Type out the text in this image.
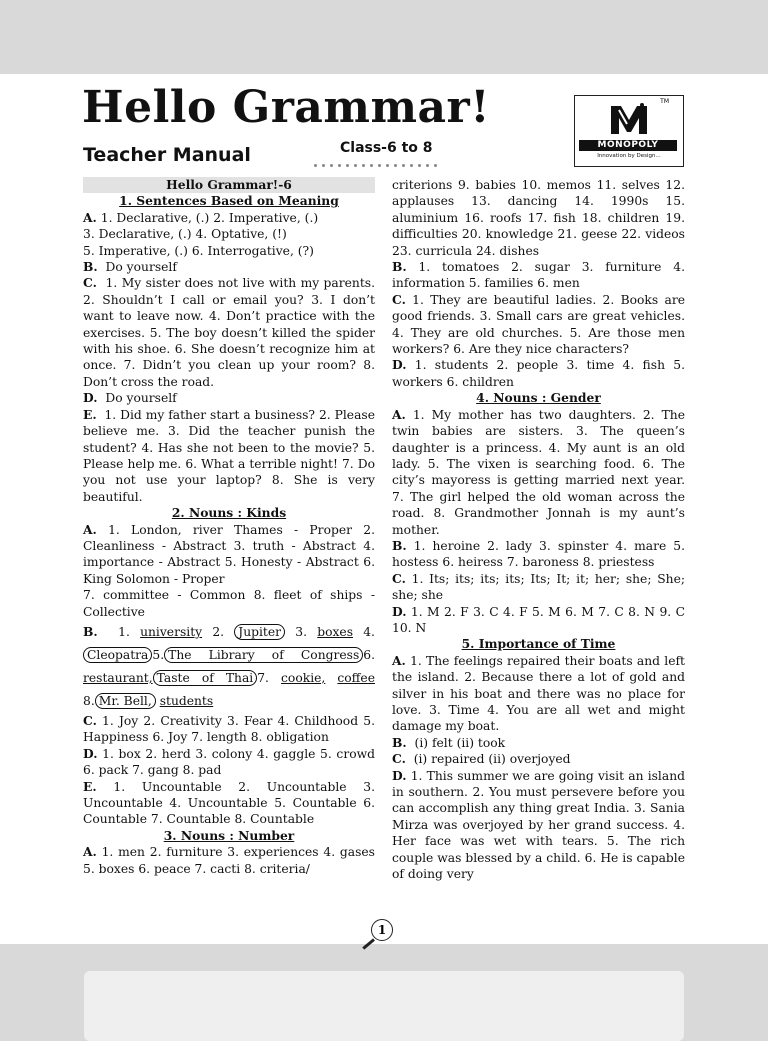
Hello Grammar!
Teacher Manual	Class-6 to 8
TM
MONOPOLY
Innovation by Design...

Hello Grammar!-6

1. Sentences Based on Meaning

A. 1. Declarative, (.) 2. Imperative, (.)

3. Declarative, (.) 4. Optative, (!)

5. Imperative, (.) 6. Interrogative, (?)

B. Do yourself

C. 1. My sister does not live with my parents. 2. Shouldn’t I call or email you? 3. I don’t want to leave now. 4. Don’t practice with the exercises. 5. The boy doesn’t killed the spider with his shoe. 6. She doesn’t recognize him at once. 7. Didn’t you clean up your room? 8. Don’t cross the road.

D. Do yourself

E. 1. Did my father start a business? 2. Please believe me. 3. Did the teacher punish the student? 4. Has she not been to the movie? 5. Please help me. 6. What a terrible night! 7. Do you not use your laptop? 8. She is very beautiful.

2. Nouns : Kinds

A. 1. London, river Thames - Proper 2. Cleanliness - Abstract 3. truth - Abstract 4. importance - Abstract 5. Honesty - Abstract 6. King Solomon - Proper

7. committee - Common 8. fleet of ships - Collective

B. 1. university 2. Jupiter 3. boxes 4. Cleopatra 5. The Library of Congress 6. restaurant, Taste of Thai 7. cookie, coffee 8. Mr. Bell, students

C. 1. Joy 2. Creativity 3. Fear 4. Childhood 5. Happiness 6. Joy 7. length 8. obligation

D. 1. box 2. herd 3. colony 4. gaggle 5. crowd 6. pack 7. gang 8. pad

E. 1. Uncountable 2. Uncountable 3. Uncountable 4. Uncountable 5. Countable 6. Countable 7. Countable 8. Countable

3. Nouns : Number

A. 1. men 2. furniture 3. experiences 4. gases 5. boxes 6. peace 7. cacti 8. criteria/

criterions 9. babies 10. memos 11. selves 12. applauses 13. dancing 14. 1990s 15. aluminium 16. roofs 17. fish 18. children 19. difficulties 20. knowledge 21. geese 22. videos 23. curricula 24. dishes

B. 1. tomatoes 2. sugar 3. furniture 4. information 5. families 6. men

C. 1. They are beautiful ladies. 2. Books are good friends. 3. Small cars are great vehicles. 4. They are old churches. 5. Are those men workers? 6. Are they nice characters?

D. 1. students 2. people 3. time 4. fish 5. workers 6. children

4. Nouns : Gender

A. 1. My mother has two daughters. 2. The twin babies are sisters. 3. The queen’s daughter is a princess. 4. My aunt is an old lady. 5. The vixen is searching food. 6. The city’s mayoress is getting married next year. 7. The girl helped the old woman across the road. 8. Grandmother Jonnah is my aunt’s mother.

B. 1. heroine 2. lady 3. spinster 4. mare 5. hostess 6. heiress 7. baroness 8. priestess

C. 1. Its; its; its; its; Its; It; it; her; she; She; she; she

D. 1. M 2. F 3. C 4. F 5. M 6. M 7. C 8. N 9. C 10. N

5. Importance of Time

A. 1. The feelings repaired their boats and left the island. 2. Because there a lot of gold and silver in his boat and there was no place for love. 3. Time 4. You are all wet and might damage my boat.

B. (i) felt (ii) took

C. (i) repaired (ii) overjoyed

D. 1. This summer we are going visit an island in southern. 2. You must persevere before you can accomplish any thing great India. 3. Sania Mirza was overjoyed by her grand success. 4. Her face was wet with tears. 5. The rich couple was blessed by a child. 6. He is capable of doing very

1
